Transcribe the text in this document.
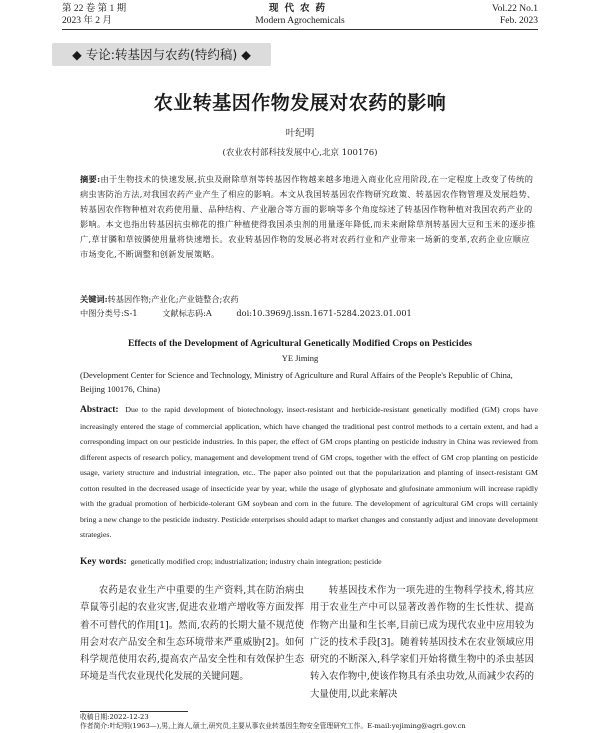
第 22 卷 第 1 期
2023 年 2 月
现代农药
Modern Agrochemicals
Vol.22 No.1
Feb. 2023
◆ 专论:转基因与农药(特约稿) ◆
农业转基因作物发展对农药的影响
叶纪明
(农业农村部科技发展中心,北京 100176)
摘要:由于生物技术的快速发展,抗虫及耐除草剂等转基因作物越来越多地进入商业化应用阶段,在一定程度上改变了传统的病虫害防治方法,对我国农药产业产生了相应的影响。本文从我国转基因农作物研究政策、转基因农作物管理及发展趋势、转基因农作物种植对农药使用量、品种结构、产业融合等方面的影响等多个角度综述了转基因作物种植对我国农药产业的影响。本文也指出转基因抗虫棉花的推广种植使得我国杀虫剂的用量逐年降低,而未来耐除草剂转基因大豆和玉米的逐步推广,草甘膦和草铵膦使用量将快速增长。农业转基因作物的发展必将对农药行业和产业带来一场新的变革,农药企业应顺应市场变化,不断调整和创新发展策略。
关键词:转基因作物;产业化;产业链整合;农药
中图分类号:S-1	文献标志码:A	doi:10.3969/j.issn.1671-5284.2023.01.001
Effects of the Development of Agricultural Genetically Modified Crops on Pesticides
YE Jiming
(Development Center for Science and Technology, Ministry of Agriculture and Rural Affairs of the People's Republic of China, Beijing 100176, China)
Abstract: Due to the rapid development of biotechnology, insect-resistant and herbicide-resistant genetically modified (GM) crops have increasingly entered the stage of commercial application, which have changed the traditional pest control methods to a certain extent, and had a corresponding impact on our pesticide industries. In this paper, the effect of GM crops planting on pesticide industry in China was reviewed from different aspects of research policy, management and development trend of GM crops, together with the effect of GM crop planting on pesticide usage, variety structure and industrial integration, etc.. The paper also pointed out that the popularization and planting of insect-resistant GM cotton resulted in the decreased usage of insecticide year by year, while the usage of glyphosate and glufosinate ammonium will increase rapidly with the gradual promotion of herbicide-tolerant GM soybean and corn in the future. The development of agricultural GM crops will certainly bring a new change to the pesticide industry. Pesticide enterprises should adapt to market changes and constantly adjust and innovate development strategies.
Key words: genetically modified crop; industrialization; industry chain integration; pesticide

农药是农业生产中重要的生产资料,其在防治病虫草鼠等引起的农业灾害,促进农业增产增收等方面发挥着不可替代的作用[1]。然而,农药的长期大量不规范使用会对农产品安全和生态环境带来严重威胁[2]。如何科学规范使用农药,提高农产品安全性和有效保护生态环境是当代农业现代化发展的关键问题。

转基因技术作为一项先进的生物科学技术,将其应用于农业生产中可以显著改善作物的生长性状、提高作物产出量和生长率,目前已成为现代农业中应用较为广泛的技术手段[3]。随着转基因技术在农业领域应用研究的不断深入,科学家们开始将微生物中的杀虫基因转入农作物中,使该作物具有杀虫功效,从而减少农药的大量使用,以此来解决

收稿日期:2022-12-23
作者简介:叶纪明(1963—),男,上海人,硕士,研究员,主要从事农业转基因生物安全管理研究工作。E-mail:yejiming@agri.gov.cn
